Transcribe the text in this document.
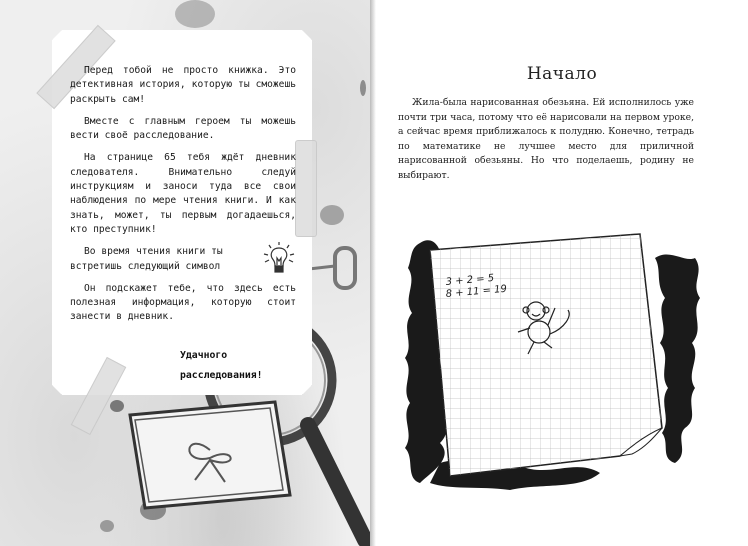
Перед тобой не просто книжка. Это детективная история, которую ты сможешь раскрыть сам!

Вместе с главным героем ты можешь вести своё расследование.

На странице 65 тебя ждёт дневник следователя. Внимательно следуй инструкциям и заноси туда все свои наблюдения по мере чтения книги. И как знать, может, ты первым догадаешься, кто преступник!

Во время чтения книги ты встретишь следующий символ

Он подскажет тебе, что здесь есть полезная информация, которую стоит занести в дневник.

Удачного
расследования!
Начало

Жила-была нарисованная обезьяна. Ей исполнилось уже почти три часа, потому что её нарисовали на первом уроке, а сейчас время приближалось к полудню. Конечно, тетрадь по математике не лучшее место для приличной нарисованной обезьяны. Но что поделаешь, родину не выбирают.

3 + 2 = 5
8 + 11 = 19
